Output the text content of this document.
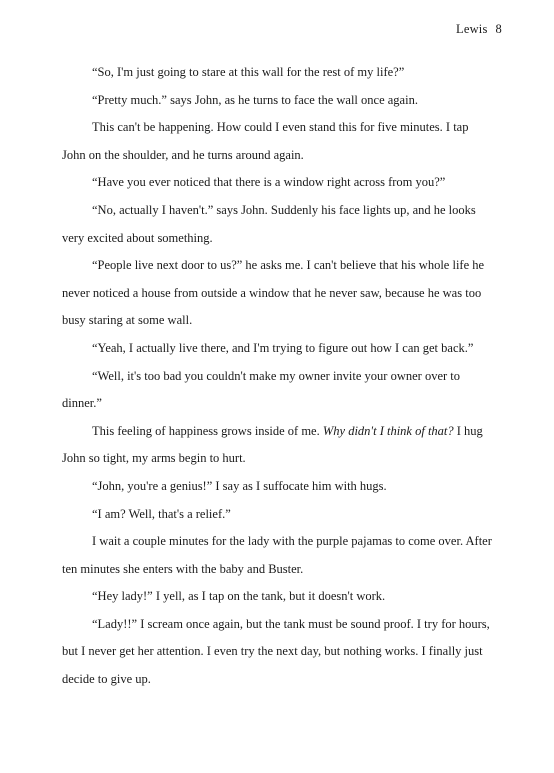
Lewis 8

“So, I'm just going to stare at this wall for the rest of my life?”

“Pretty much.” says John, as he turns to face the wall once again.

This can't be happening. How could I even stand this for five minutes. I tap John on the shoulder, and he turns around again.

“Have you ever noticed that there is a window right across from you?”

“No, actually I haven't.” says John. Suddenly his face lights up, and he looks very excited about something.

“People live next door to us?” he asks me. I can't believe that his whole life he never noticed a house from outside a window that he never saw, because he was too busy staring at some wall.

“Yeah, I actually live there, and I'm trying to figure out how I can get back.”

“Well, it's too bad you couldn't make my owner invite your owner over to dinner.”

This feeling of happiness grows inside of me. Why didn't I think of that? I hug John so tight, my arms begin to hurt.

“John, you're a genius!” I say as I suffocate him with hugs.

“I am? Well, that's a relief.”

I wait a couple minutes for the lady with the purple pajamas to come over. After ten minutes she enters with the baby and Buster.

“Hey lady!” I yell, as I tap on the tank, but it doesn't work.

“Lady!!” I scream once again, but the tank must be sound proof. I try for hours, but I never get her attention. I even try the next day, but nothing works. I finally just decide to give up.
